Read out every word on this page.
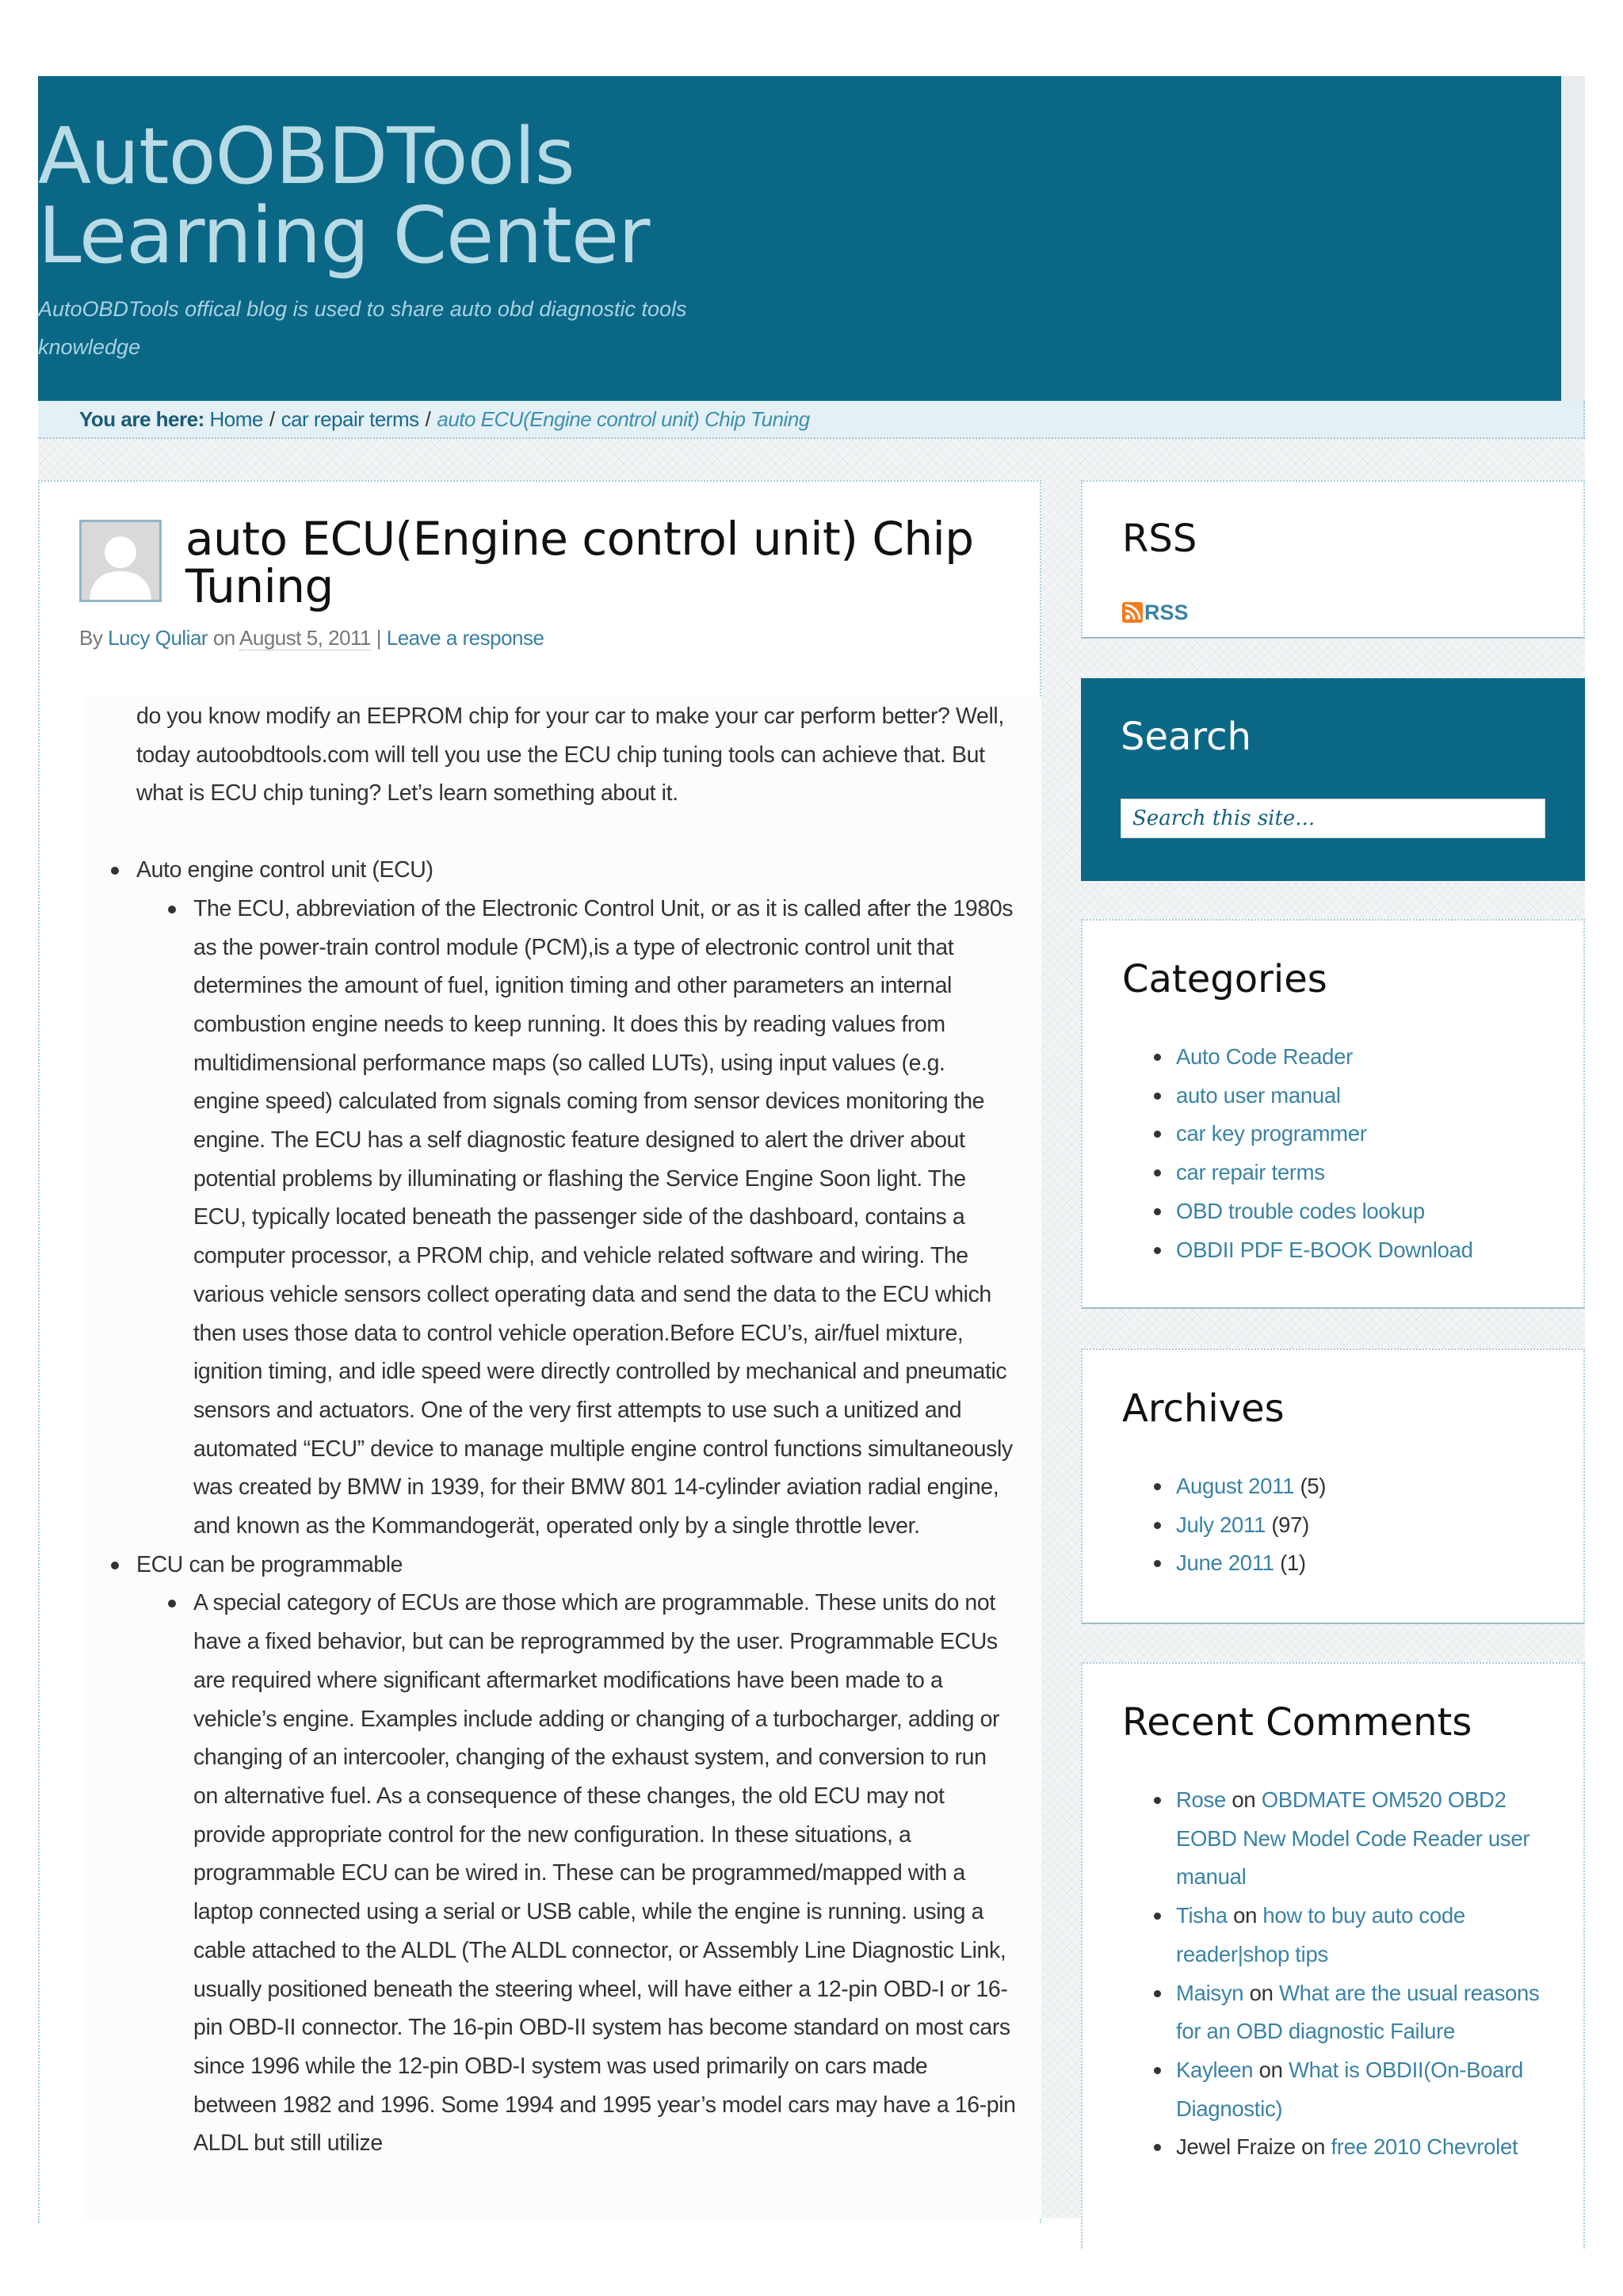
AutoOBDTools
Learning Center

AutoOBDTools offical blog is used to share auto obd diagnostic tools knowledge

You are here: Home / car repair terms / auto ECU(Engine control unit) Chip Tuning
auto ECU(Engine control unit) Chip Tuning
By Lucy Quliar on August 5, 2011 | Leave a response

do you know modify an EEPROM chip for your car to make your car perform better? Well, today autoobdtools.com will tell you use the ECU chip tuning tools can achieve that. But what is ECU chip tuning? Let’s learn something about it.

Auto engine control unit (ECU)
The ECU, abbreviation of the Electronic Control Unit, or as it is called after the 1980s as the power-train control module (PCM),is a type of electronic control unit that determines the amount of fuel, ignition timing and other parameters an internal combustion engine needs to keep running. It does this by reading values from multidimensional performance maps (so called LUTs), using input values (e.g. engine speed) calculated from signals coming from sensor devices monitoring the engine. The ECU has a self diagnostic feature designed to alert the driver about potential problems by illuminating or flashing the Service Engine Soon light. The ECU, typically located beneath the passenger side of the dashboard, contains a computer processor, a PROM chip, and vehicle related software and wiring. The various vehicle sensors collect operating data and send the data to the ECU which then uses those data to control vehicle operation.Before ECU’s, air/fuel mixture, ignition timing, and idle speed were directly controlled by mechanical and pneumatic sensors and actuators. One of the very first attempts to use such a unitized and automated “ECU” device to manage multiple engine control functions simultaneously was created by BMW in 1939, for their BMW 801 14-cylinder aviation radial engine, and known as the Kommandogerät, operated only by a single throttle lever.
ECU can be programmable
A special category of ECUs are those which are programmable. These units do not have a fixed behavior, but can be reprogrammed by the user. Programmable ECUs are required where significant aftermarket modifications have been made to a vehicle’s engine. Examples include adding or changing of a turbocharger, adding or changing of an intercooler, changing of the exhaust system, and conversion to run on alternative fuel. As a consequence of these changes, the old ECU may not provide appropriate control for the new configuration. In these situations, a programmable ECU can be wired in. These can be programmed/mapped with a laptop connected using a serial or USB cable, while the engine is running. using a cable attached to the ALDL (The ALDL connector, or Assembly Line Diagnostic Link, usually positioned beneath the steering wheel, will have either a 12-pin OBD-I or 16-pin OBD-II connector. The 16-pin OBD-II system has become standard on most cars since 1996 while the 12-pin OBD-I system was used primarily on cars made between 1982 and 1996. Some 1994 and 1995 year’s model cars may have a 16-pin ALDL but still utilize
RSS
RSS
Search
Search this site...
Categories
Auto Code Reader
auto user manual
car key programmer
car repair terms
OBD trouble codes lookup
OBDII PDF E-BOOK Download
Archives
August 2011 (5)
July 2011 (97)
June 2011 (1)
Recent Comments
Rose on OBDMATE OM520 OBD2 EOBD New Model Code Reader user manual
Tisha on how to buy auto code reader|shop tips
Maisyn on What are the usual reasons for an OBD diagnostic Failure
Kayleen on What is OBDII(On-Board Diagnostic)
Jewel Fraize on free 2010 Chevrolet
